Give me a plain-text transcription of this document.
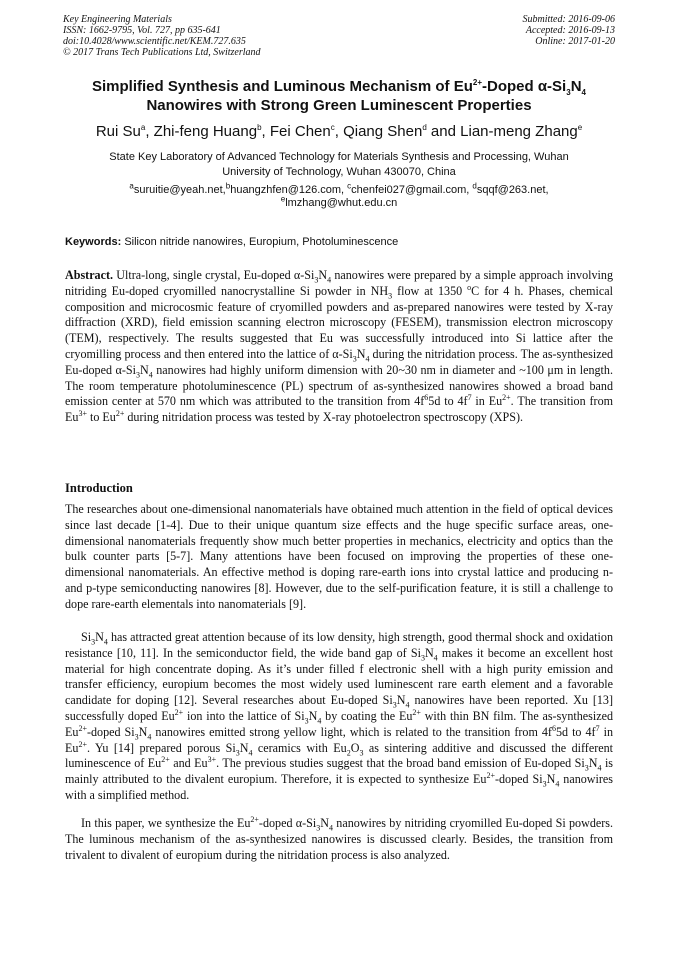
Key Engineering Materials
ISSN: 1662-9795, Vol. 727, pp 635-641
doi:10.4028/www.scientific.net/KEM.727.635
© 2017 Trans Tech Publications Ltd, Switzerland
Submitted: 2016-09-06
Accepted: 2016-09-13
Online: 2017-01-20
Simplified Synthesis and Luminous Mechanism of $Eu^{2+}$-Doped $\alpha-Si_3N_4$
Nanowires with Strong Green Luminescent Properties
Rui Su$^a$, Zhi-feng Huang$^b$, Fei Chen$^c$, Qiang Shen$^d$ and Lian-meng Zhang$^e$
State Key Laboratory of Advanced Technology for Materials Synthesis and Processing, Wuhan
University of Technology, Wuhan 430070, China
$^a$suruitie@yeah.net,$^b$huangzhfen@126.com, $^c$chenfei027@gmail.com, $^d$sqqf@263.net,
$^e$lmzhang@whut.edu.cn
Keywords: Silicon nitride nanowires, Europium, Photoluminescence
Abstract. Ultra-long, single crystal, Eu-doped $\alpha-Si_3N_4$ nanowires were prepared by a simple approach involving nitriding Eu-doped cryomilled nanocrystalline Si powder in $NH_3$ flow at 1350 $^o$C for 4 h. Phases, chemical composition and microcosmic feature of cryomilled powders and as-prepared nanowires were tested by X-ray diffraction (XRD), field emission scanning electron microscopy (FESEM), transmission electron microscopy (TEM), respectively. The results suggested that Eu was successfully introduced into Si lattice after the cryomilling process and then entered into the lattice of $\alpha-Si_3N_4$ during the nitridation process. The as-synthesized Eu-doped $\alpha-Si_3N_4$ nanowires had highly uniform dimension with 20~30 nm in diameter and ~100 μm in length. The room temperature photoluminescence (PL) spectrum of as-synthesized nanowires showed a broad band emission center at 570 nm which was attributed to the transition from $4f^65d$ to $4f^7$ in $Eu^{2+}$. The transition from $Eu^{3+}$ to $Eu^{2+}$ during nitridation process was tested by X-ray photoelectron spectroscopy (XPS).
Introduction
The researches about one-dimensional nanomaterials have obtained much attention in the field of optical devices since last decade [1-4]. Due to their unique quantum size effects and the huge specific surface areas, one-dimensional nanomaterials frequently show much better properties in mechanics, electricity and optics than the bulk counter parts [5-7]. Many attentions have been focused on improving the properties of these one-dimensional nanomaterials. An effective method is doping rare-earth ions into crystal lattice and producing n- and p-type semiconducting nanowires [8]. However, due to the self-purification feature, it is still a challenge to dope rare-earth elementals into nanomaterials [9].
$Si_3N_4$ has attracted great attention because of its low density, high strength, good thermal shock and oxidation resistance [10, 11]. In the semiconductor field, the wide band gap of $Si_3N_4$ makes it become an excellent host material for high concentrate doping. As it’s under filled f electronic shell with a high purity emission and transfer efficiency, europium becomes the most widely used luminescent rare earth element and a favorable candidate for doping [12]. Several researches about Eu-doped $Si_3N_4$ nanowires have been reported. Xu [13] successfully doped $Eu^{2+}$ ion into the lattice of $Si_3N_4$ by coating the $Eu^{2+}$ with thin BN film. The as-synthesized $Eu^{2+}$-doped $Si_3N_4$ nanowires emitted strong yellow light, which is related to the transition from $4f^65d$ to $4f^7$ in $Eu^{2+}$. Yu [14] prepared porous $Si_3N_4$ ceramics with $Eu_2O_3$ as sintering additive and discussed the different luminescence of $Eu^{2+}$ and $Eu^{3+}$. The previous studies suggest that the broad band emission of Eu-doped $Si_3N_4$ is mainly attributed to the divalent europium. Therefore, it is expected to synthesize $Eu^{2+}$-doped $Si_3N_4$ nanowires with a simplified method.
In this paper, we synthesize the $Eu^{2+}$-doped $\alpha-Si_3N_4$ nanowires by nitriding cryomilled Eu-doped Si powders. The luminous mechanism of the as-synthesized nanowires is discussed clearly. Besides, the transition from trivalent to divalent of europium during the nitridation process is also analyzed.
